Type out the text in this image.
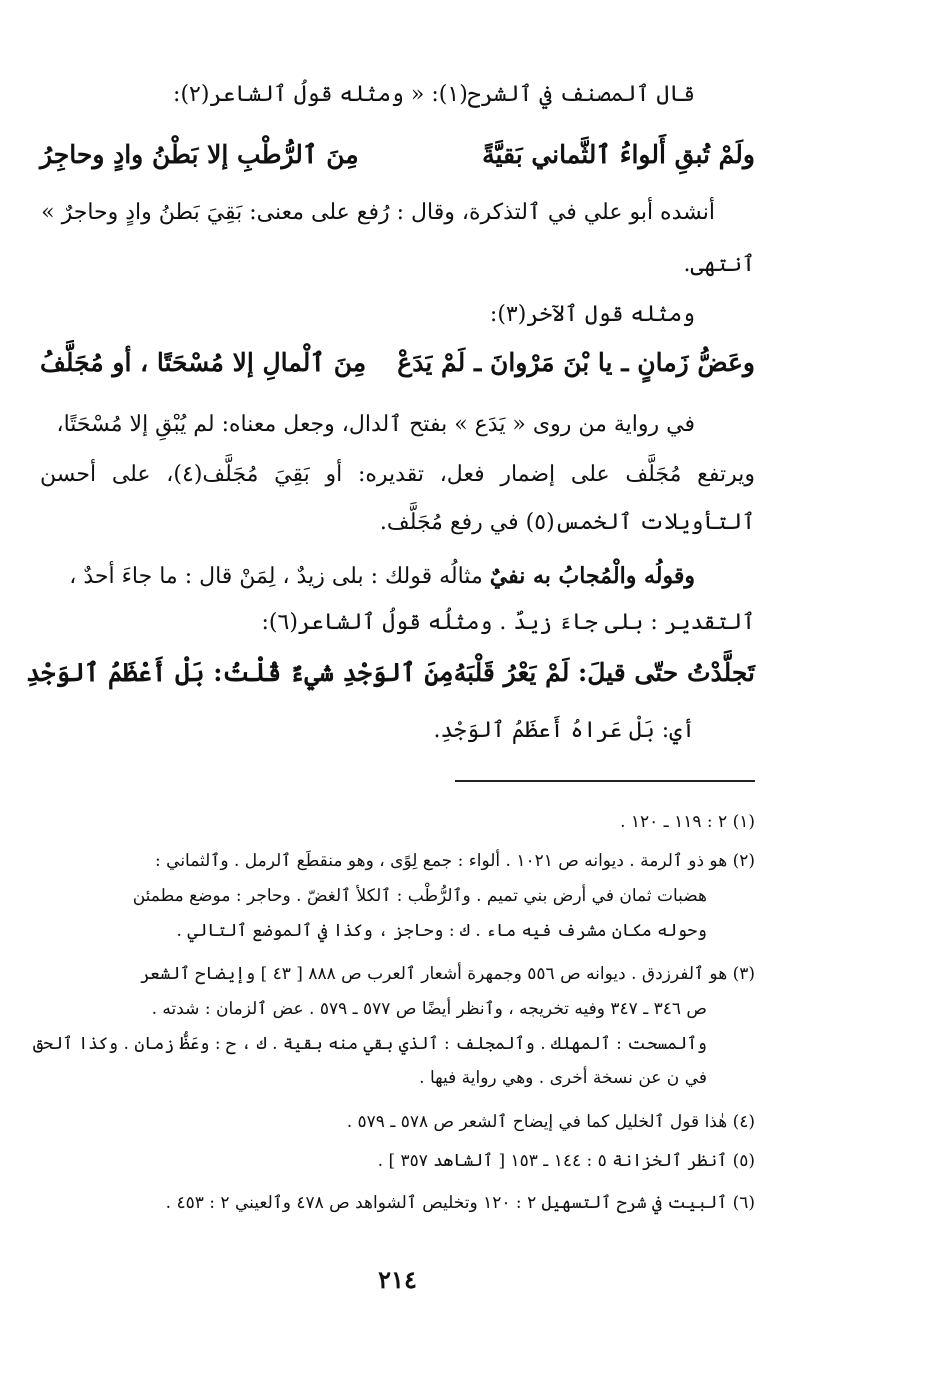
قال ٱلمصنف في ٱلشرح(١): « ومثله قولُ ٱلشاعر(٢):
ولَمْ تُبقِ أَلواءُ ٱلثَّماني بَقيَّةً
مِنَ ٱلرُّطْبِ إلا بَطْنُ وادٍ وحاجِرُ
أنشده أبو علي في ٱلتذكرة، وقال : رُفع على معنى: بَقِيَ بَطنُ وادٍ وحاجرٌ »
ٱنتهى.
ومثله قول ٱلآخر(٣):
وعَضُّ زَمانٍ ـ يا بْنَ مَرْوانَ ـ لَمْ يَدَعْ
مِنَ ٱلْمالِ إلا مُسْحَتًا ، أو مُجَلَّفُ
في رواية من روى « يَدَع » بفتح ٱلدال، وجعل معناه: لم يُبْقِ إلا مُسْحَتًا،
ويرتفع مُجَلَّف على إضمار فعل، تقديره: أو بَقِيَ مُجَلَّف(٤)، على أحسن
ٱلتأويلات ٱلخمس(٥) في رفع مُجَلَّف.
وقولُه والْمُجابُ به نفيٌ مثالُه قولك : بلى زيدٌ ، لِمَنْ قال : ما جاءَ أحدٌ ،
ٱلتقدير : بلى جاءَ زيدٌ . ومثلُه قولُ ٱلشاعر(٦):
تَجلَّدْتُ حتّى قيلَ: لَمْ يَعْرُ قَلْبَهُ
مِنَ ٱلوَجْدِ شيءٌ قُلْتُ: بَلْ أَعْظَمُ ٱلوَجْدِ
أي: بَلْ عَراهُ أَعظَمُ ٱلوَجْدِ.
(١) ٢ : ١١٩ ـ ١٢٠ .
(٢) هو ذو ٱلرمة . ديوانه ص ١٠٢١ . ألواء : جمع لِوًى ، وهو منقطَع ٱلرمل . وٱلثماني :
هضبات ثمان في أرض بني تميم . وٱلرُّطْب : ٱلكلأ ٱلغضّ . وحاجر : موضع مطمئن
وحوله مكان مشرف فيه ماء . ك : وحاجز ، وكذا في ٱلموضع ٱلتالي .
(٣) هو ٱلفرزدق . ديوانه ص ٥٥٦ وجمهرة أشعار ٱلعرب ص ٨٨٨ [ ٤٣ ] وإيضاح ٱلشعر
ص ٣٤٦ ـ ٣٤٧ وفيه تخريجه ، وٱنظر أيضًا ص ٥٧٧ ـ ٥٧٩ . عض ٱلزمان : شدته .
وٱلمسحت : ٱلمهلك . وٱلمجلف : ٱلذي بقي منه بقية . ك ، ح : وعَظُّ زمان . وكذا ٱلحق
في ن عن نسخة أخرى . وهي رواية فيها .
(٤) هٰذا قول ٱلخليل كما في إيضاح ٱلشعر ص ٥٧٨ ـ ٥٧٩ .
(٥) ٱنظر ٱلخزانة ٥ : ١٤٤ ـ ١٥٣ [ ٱلشاهد ٣٥٧ ] .
(٦) ٱلبيت في شرح ٱلتسهيل ٢ : ١٢٠ وتخليص ٱلشواهد ص ٤٧٨ وٱلعيني ٢ : ٤٥٣ .
٢١٤
